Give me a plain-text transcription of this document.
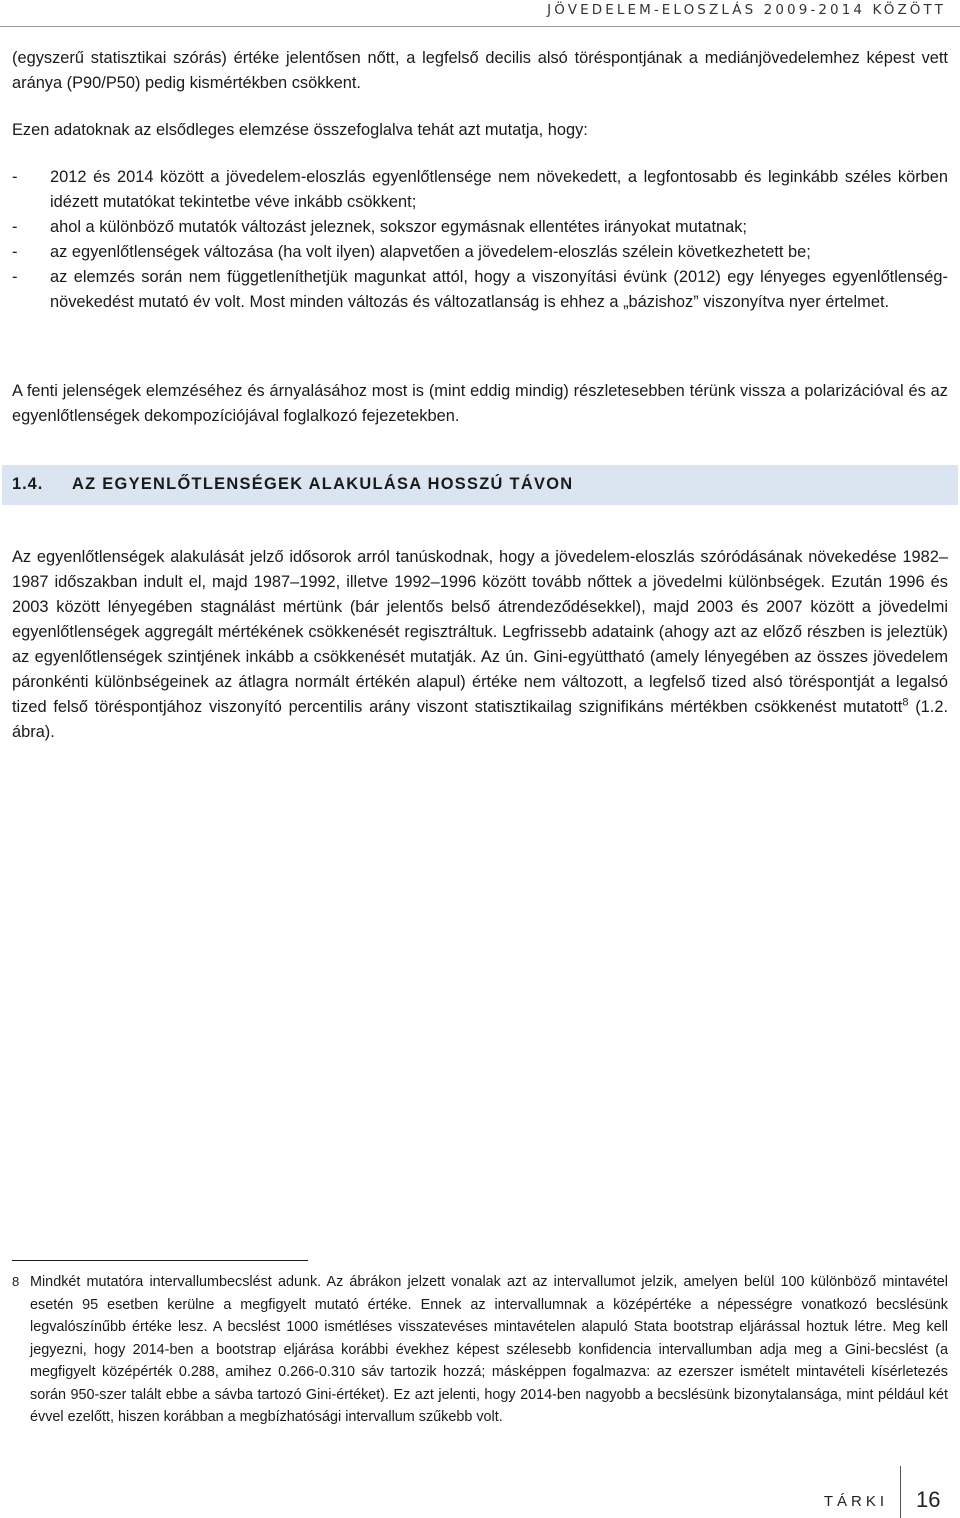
JÖVEDELEM-ELOSZLÁS 2009-2014 KÖZÖTT

(egyszerű statisztikai szórás) értéke jelentősen nőtt, a legfelső decilis alsó töréspontjának a mediánjövedelemhez képest vett aránya (P90/P50) pedig kismértékben csökkent.

Ezen adatoknak az elsődleges elemzése összefoglalva tehát azt mutatja, hogy:

- 2012 és 2014 között a jövedelem-eloszlás egyenlőtlensége nem növekedett, a legfontosabb és leginkább széles körben idézett mutatókat tekintetbe véve inkább csökkent;
- ahol a különböző mutatók változást jeleznek, sokszor egymásnak ellentétes irányokat mutatnak;
- az egyenlőtlenségek változása (ha volt ilyen) alapvetően a jövedelem-eloszlás szélein következhetett be;
- az elemzés során nem függetleníthetjük magunkat attól, hogy a viszonyítási évünk (2012) egy lényeges egyenlőtlenség-növekedést mutató év volt. Most minden változás és változatlanság is ehhez a „bázishoz” viszonyítva nyer értelmet.

A fenti jelenségek elemzéséhez és árnyalásához most is (mint eddig mindig) részletesebben térünk vissza a polarizációval és az egyenlőtlenségek dekompozíciójával foglalkozó fejezetekben.

1.4. AZ EGYENLŐTLENSÉGEK ALAKULÁSA HOSSZÚ TÁVON

Az egyenlőtlenségek alakulását jelző idősorok arról tanúskodnak, hogy a jövedelem-eloszlás szóródásának növekedése 1982–1987 időszakban indult el, majd 1987–1992, illetve 1992–1996 között tovább nőttek a jövedelmi különbségek. Ezután 1996 és 2003 között lényegében stagnálást mértünk (bár jelentős belső átrendeződésekkel), majd 2003 és 2007 között a jövedelmi egyenlőtlenségek aggregált mértékének csökkenését regisztráltuk. Legfrissebb adataink (ahogy azt az előző részben is jeleztük) az egyenlőtlenségek szintjének inkább a csökkenését mutatják. Az ún. Gini-együttható (amely lényegében az összes jövedelem páronkénti különbségeinek az átlagra normált értékén alapul) értéke nem változott, a legfelső tized alsó töréspontját a legalsó tized felső töréspontjához viszonyító percentilis arány viszont statisztikailag szignifikáns mértékben csökkenést mutatott$^8$ (1.2. ábra).

8 Mindkét mutatóra intervallumbecslést adunk. Az ábrákon jelzett vonalak azt az intervallumot jelzik, amelyen belül 100 különböző mintavétel esetén 95 esetben kerülne a megfigyelt mutató értéke. Ennek az intervallumnak a középértéke a népességre vonatkozó becslésünk legvalószínűbb értéke lesz. A becslést 1000 ismétléses visszatevéses mintavételen alapuló Stata bootstrap eljárással hoztuk létre. Meg kell jegyezni, hogy 2014-ben a bootstrap eljárása korábbi évekhez képest szélesebb konfidencia intervallumban adja meg a Gini-becslést (a megfigyelt középérték 0.288, amihez 0.266-0.310 sáv tartozik hozzá; másképpen fogalmazva: az ezerszer ismételt mintavételi kísérletezés során 950-szer talált ebbe a sávba tartozó Gini-értéket). Ez azt jelenti, hogy 2014-ben nagyobb a becslésünk bizonytalansága, mint például két évvel ezelőtt, hiszen korábban a megbízhatósági intervallum szűkebb volt.
TÁRKI 16
